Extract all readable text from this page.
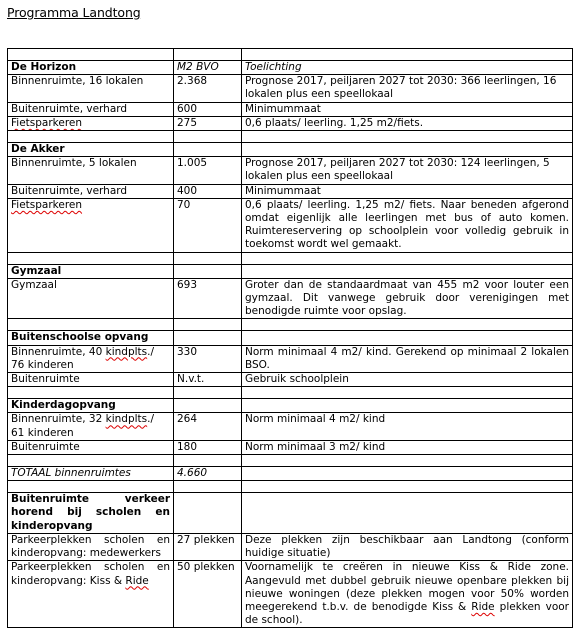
Programma Landtong

De Horizon	M2 BVO	Toelichting
Binnenruimte, 16 lokalen	2.368	Prognose 2017, peiljaren 2027 tot 2030: 366 leerlingen, 16 lokalen plus een speellokaal
Buitenruimte, verhard	600	Minimummaat
Fietsparkeren	275	0,6 plaats/ leerling. 1,25 m2/fiets.

De Akker		
Binnenruimte, 5 lokalen	1.005	Prognose 2017, peiljaren 2027 tot 2030: 124 leerlingen, 5 lokalen plus een speellokaal
Buitenruimte, verhard	400	Minimummaat
Fietsparkeren	70	0,6 plaats/ leerling. 1,25 m2/ fiets. Naar beneden afgerond omdat eigenlijk alle leerlingen met bus of auto komen. Ruimtereservering op schoolplein voor volledig gebruik in toekomst wordt wel gemaakt.

Gymzaal		
Gymzaal	693	Groter dan de standaardmaat van 455 m2 voor louter een gymzaal. Dit vanwege gebruik door verenigingen met benodigde ruimte voor opslag.

Buitenschoolse opvang		
Binnenruimte, 40 kindplts./ 76 kinderen	330	Norm minimaal 4 m2/ kind. Gerekend op minimaal 2 lokalen BSO.
Buitenruimte	N.v.t.	Gebruik schoolplein

Kinderdagopvang		
Binnenruimte, 32 kindplts./ 61 kinderen	264	Norm minimaal 4 m2/ kind
Buitenruimte	180	Norm minimaal 3 m2/ kind

TOTAAL binnenruimtes	4.660	

Buitenruimte verkeer horend bij scholen en kinderopvang		
Parkeerplekken scholen en kinderopvang: medewerkers	27 plekken	Deze plekken zijn beschikbaar aan Landtong (conform huidige situatie)
Parkeerplekken scholen en kinderopvang: Kiss & Ride	50 plekken	Voornamelijk te creëren in nieuwe Kiss & Ride zone. Aangevuld met dubbel gebruik nieuwe openbare plekken bij nieuwe woningen (deze plekken mogen voor 50% worden meegerekend t.b.v. de benodigde Kiss & Ride plekken voor de school).
